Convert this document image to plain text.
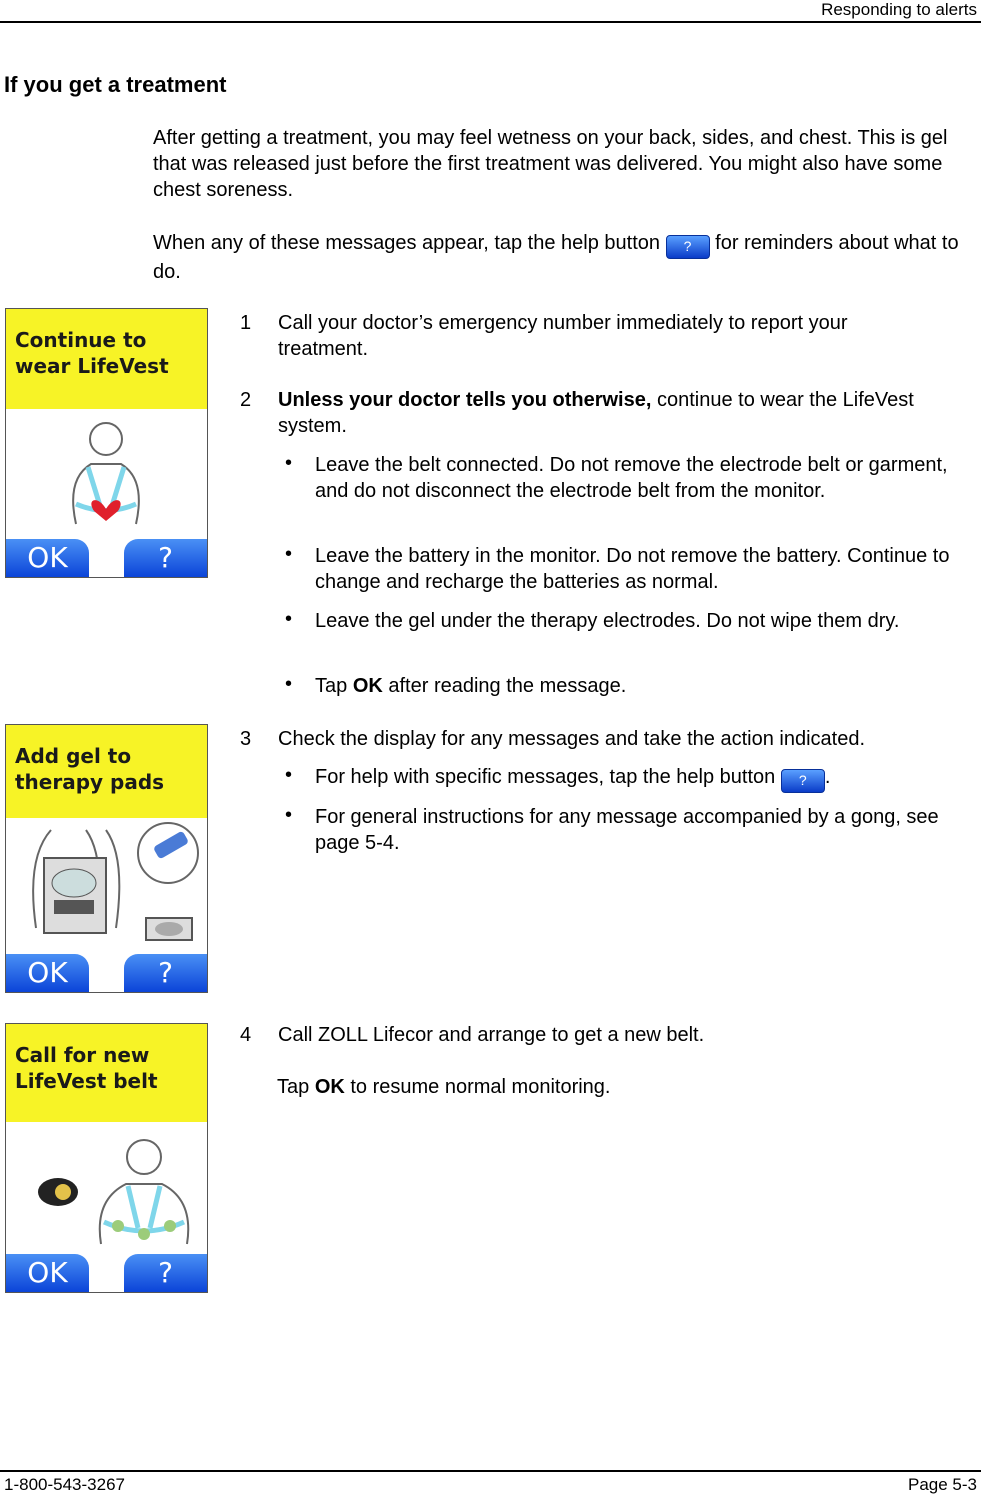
Responding to alerts
If you get a treatment
After getting a treatment, you may feel wetness on your back, sides, and chest. This is gel that was released just before the first treatment was delivered. You might also have some chest soreness.
When any of these messages appear, tap the help button ? for reminders about what to do.
Continue to
wear LifeVest
OK	?
1	Call your doctor’s emergency number immediately to report your treatment.
2	Unless your doctor tells you otherwise, continue to wear the LifeVest system.
• Leave the belt connected. Do not remove the electrode belt or garment, and do not disconnect the electrode belt from the monitor.
• Leave the battery in the monitor. Do not remove the battery. Continue to change and recharge the batteries as normal.
• Leave the gel under the therapy electrodes. Do not wipe them dry.
• Tap OK after reading the message.
Add gel to
therapy pads
OK	?
3	Check the display for any messages and take the action indicated.
• For help with specific messages, tap the help button ? .
• For general instructions for any message accompanied by a gong, see page 5-4.
Call for new
LifeVest belt
OK	?
4	Call ZOLL Lifecor and arrange to get a new belt.
Tap OK to resume normal monitoring.
1-800-543-3267	Page 5-3
